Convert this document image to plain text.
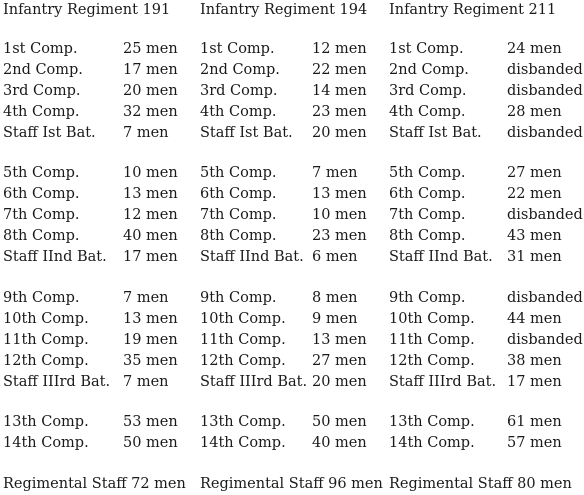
Infantry Regiment 191
1st Comp.	25 men
2nd Comp.	17 men
3rd Comp.	20 men
4th Comp.	32 men
Staff Ist Bat. 7 men
5th Comp.	10 men
6th Comp.	13 men
7th Comp.	12 men
8th Comp.	40 men
Staff IInd Bat. 17 men
9th Comp.	7 men
10th Comp. 13 men
11th Comp. 19 men
12th Comp. 35 men
Staff IIIrd Bat. 7 men
13th Comp. 53 men
14th Comp. 50 men
Regimental Staff 72 men
Infantry Regiment 194
1st Comp.	12 men
2nd Comp. 22 men
3rd Comp. 14 men
4th Comp. 23 men
Staff Ist Bat. 20 men
5th Comp. 7 men
6th Comp. 13 men
7th Comp. 10 men
8th Comp. 23 men
Staff IInd Bat. 6 men
9th Comp. 8 men
10th Comp. 9 men
11th Comp. 13 men
12th Comp. 27 men
Staff IIIrd Bat. 20 men
13th Comp. 50 men
14th Comp. 40 men
Regimental Staff 96 men
Infantry Regiment 211
1st Comp.	24 men
2nd Comp.	disbanded
3rd Comp.	disbanded
4th Comp.	28 men
Staff Ist Bat. disbanded
5th Comp.	27 men
6th Comp.	22 men
7th Comp.	disbanded
8th Comp.	43 men
Staff IInd Bat. 31 men
9th Comp.	disbanded
10th Comp. 44 men
11th Comp. disbanded
12th Comp. 38 men
Staff IIIrd Bat. 17 men
13th Comp. 61 men
14th Comp. 57 men
Regimental Staff 80 men
